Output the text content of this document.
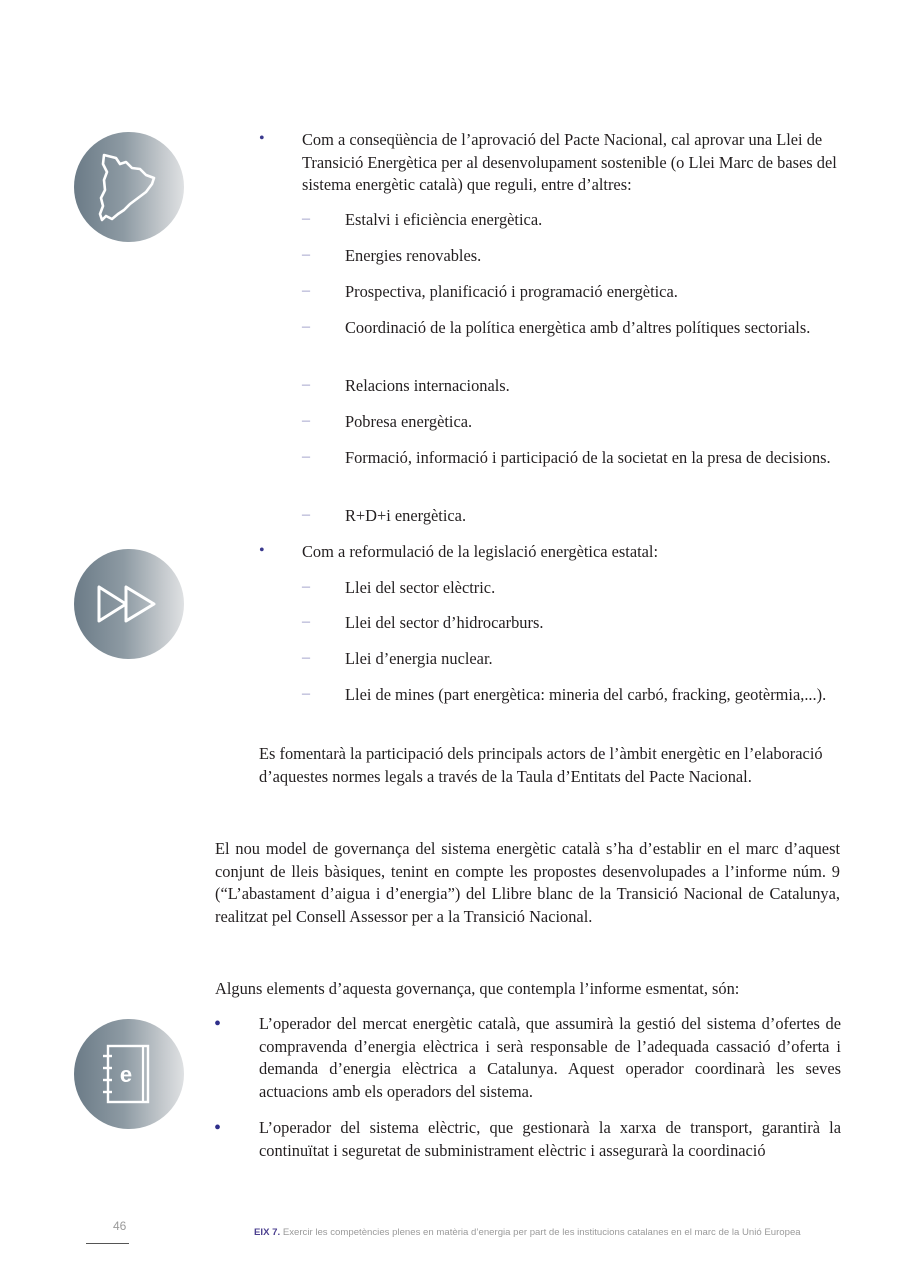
e
• Com a conseqüència de l’aprovació del Pacte Nacional, cal aprovar una Llei de Transició Energètica per al desenvolupament sostenible (o Llei Marc de bases del sistema energètic català) que reguli, entre d’altres:
– Estalvi i eficiència energètica.
– Energies renovables.
– Prospectiva, planificació i programació energètica.
– Coordinació de la política energètica amb d’altres polítiques sectorials.
– Relacions internacionals.
– Pobresa energètica.
– Formació, informació i participació de la societat en la presa de decisions.
– R+D+i energètica.
• Com a reformulació de la legislació energètica estatal:
– Llei del sector elèctric.
– Llei del sector d’hidrocarburs.
– Llei d’energia nuclear.
– Llei de mines (part energètica: mineria del carbó, fracking, geotèrmia,...).
Es fomentarà la participació dels principals actors de l’àmbit energètic en l’elaboració d’aquestes normes legals a través de la Taula d’Entitats del Pacte Nacional.
El nou model de governança del sistema energètic català s’ha d’establir en el marc d’aquest conjunt de lleis bàsiques, tenint en compte les propostes desenvolupades a l’informe núm. 9 (“L’abastament d’aigua i d’energia”) del Llibre blanc de la Transició Nacional de Catalunya, realitzat pel Consell Assessor per a la Transició Nacional.
Alguns elements d’aquesta governança, que contempla l’informe esmentat, són:
• L’operador del mercat energètic català, que assumirà la gestió del sistema d’ofertes de compravenda d’energia elèctrica i serà responsable de l’adequada cassació d’oferta i demanda d’energia elèctrica a Catalunya. Aquest operador coordinarà les seves actuacions amb els operadors del sistema.
• L’operador del sistema elèctric, que gestionarà la xarxa de transport, garantirà la continuïtat i seguretat de subministrament elèctric i assegurarà la coordinació
46	EIX 7. Exercir les competències plenes en matèria d’energia per part de les institucions catalanes en el marc de la Unió Europea
